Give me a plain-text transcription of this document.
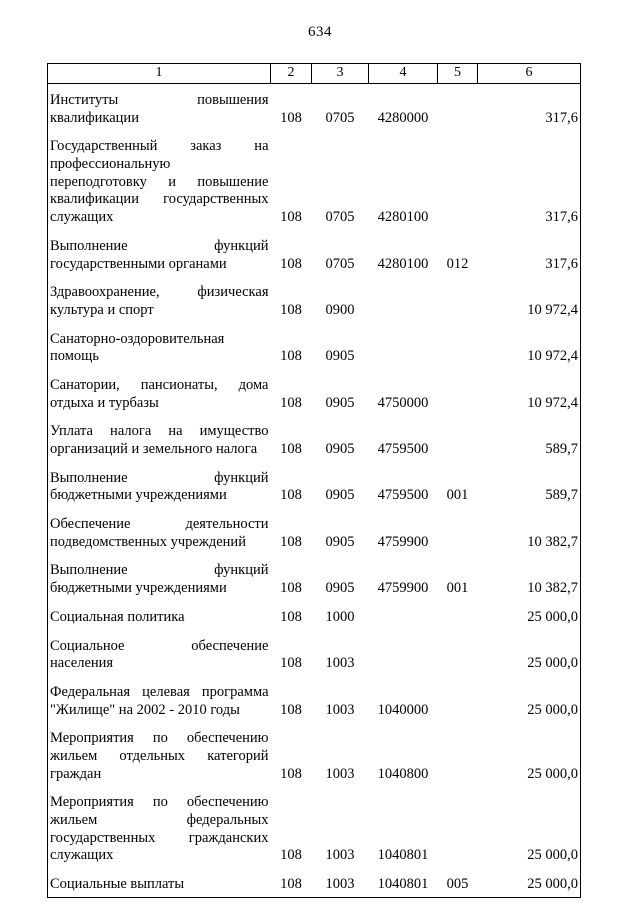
634
1	2	3	4	5	6
Институты повышения квалификации	108	0705	4280000		317,6
Государственный заказ на профессиональную переподготовку и повышение квалификации государственных служащих	108	0705	4280100		317,6
Выполнение функций государственными органами	108	0705	4280100	012	317,6
Здравоохранение, физическая культура и спорт	108	0900			10 972,4
Санаторно-оздоровительная помощь	108	0905			10 972,4
Санатории, пансионаты, дома отдыха и турбазы	108	0905	4750000		10 972,4
Уплата налога на имущество организаций и земельного налога	108	0905	4759500		589,7
Выполнение функций бюджетными учреждениями	108	0905	4759500	001	589,7
Обеспечение деятельности подведомственных учреждений	108	0905	4759900		10 382,7
Выполнение функций бюджетными учреждениями	108	0905	4759900	001	10 382,7
Социальная политика	108	1000			25 000,0
Социальное обеспечение населения	108	1003			25 000,0
Федеральная целевая программа "Жилище" на 2002 - 2010 годы	108	1003	1040000		25 000,0
Мероприятия по обеспечению жильем отдельных категорий граждан	108	1003	1040800		25 000,0
Мероприятия по обеспечению жильем федеральных государственных гражданских служащих	108	1003	1040801		25 000,0
Социальные выплаты	108	1003	1040801	005	25 000,0
